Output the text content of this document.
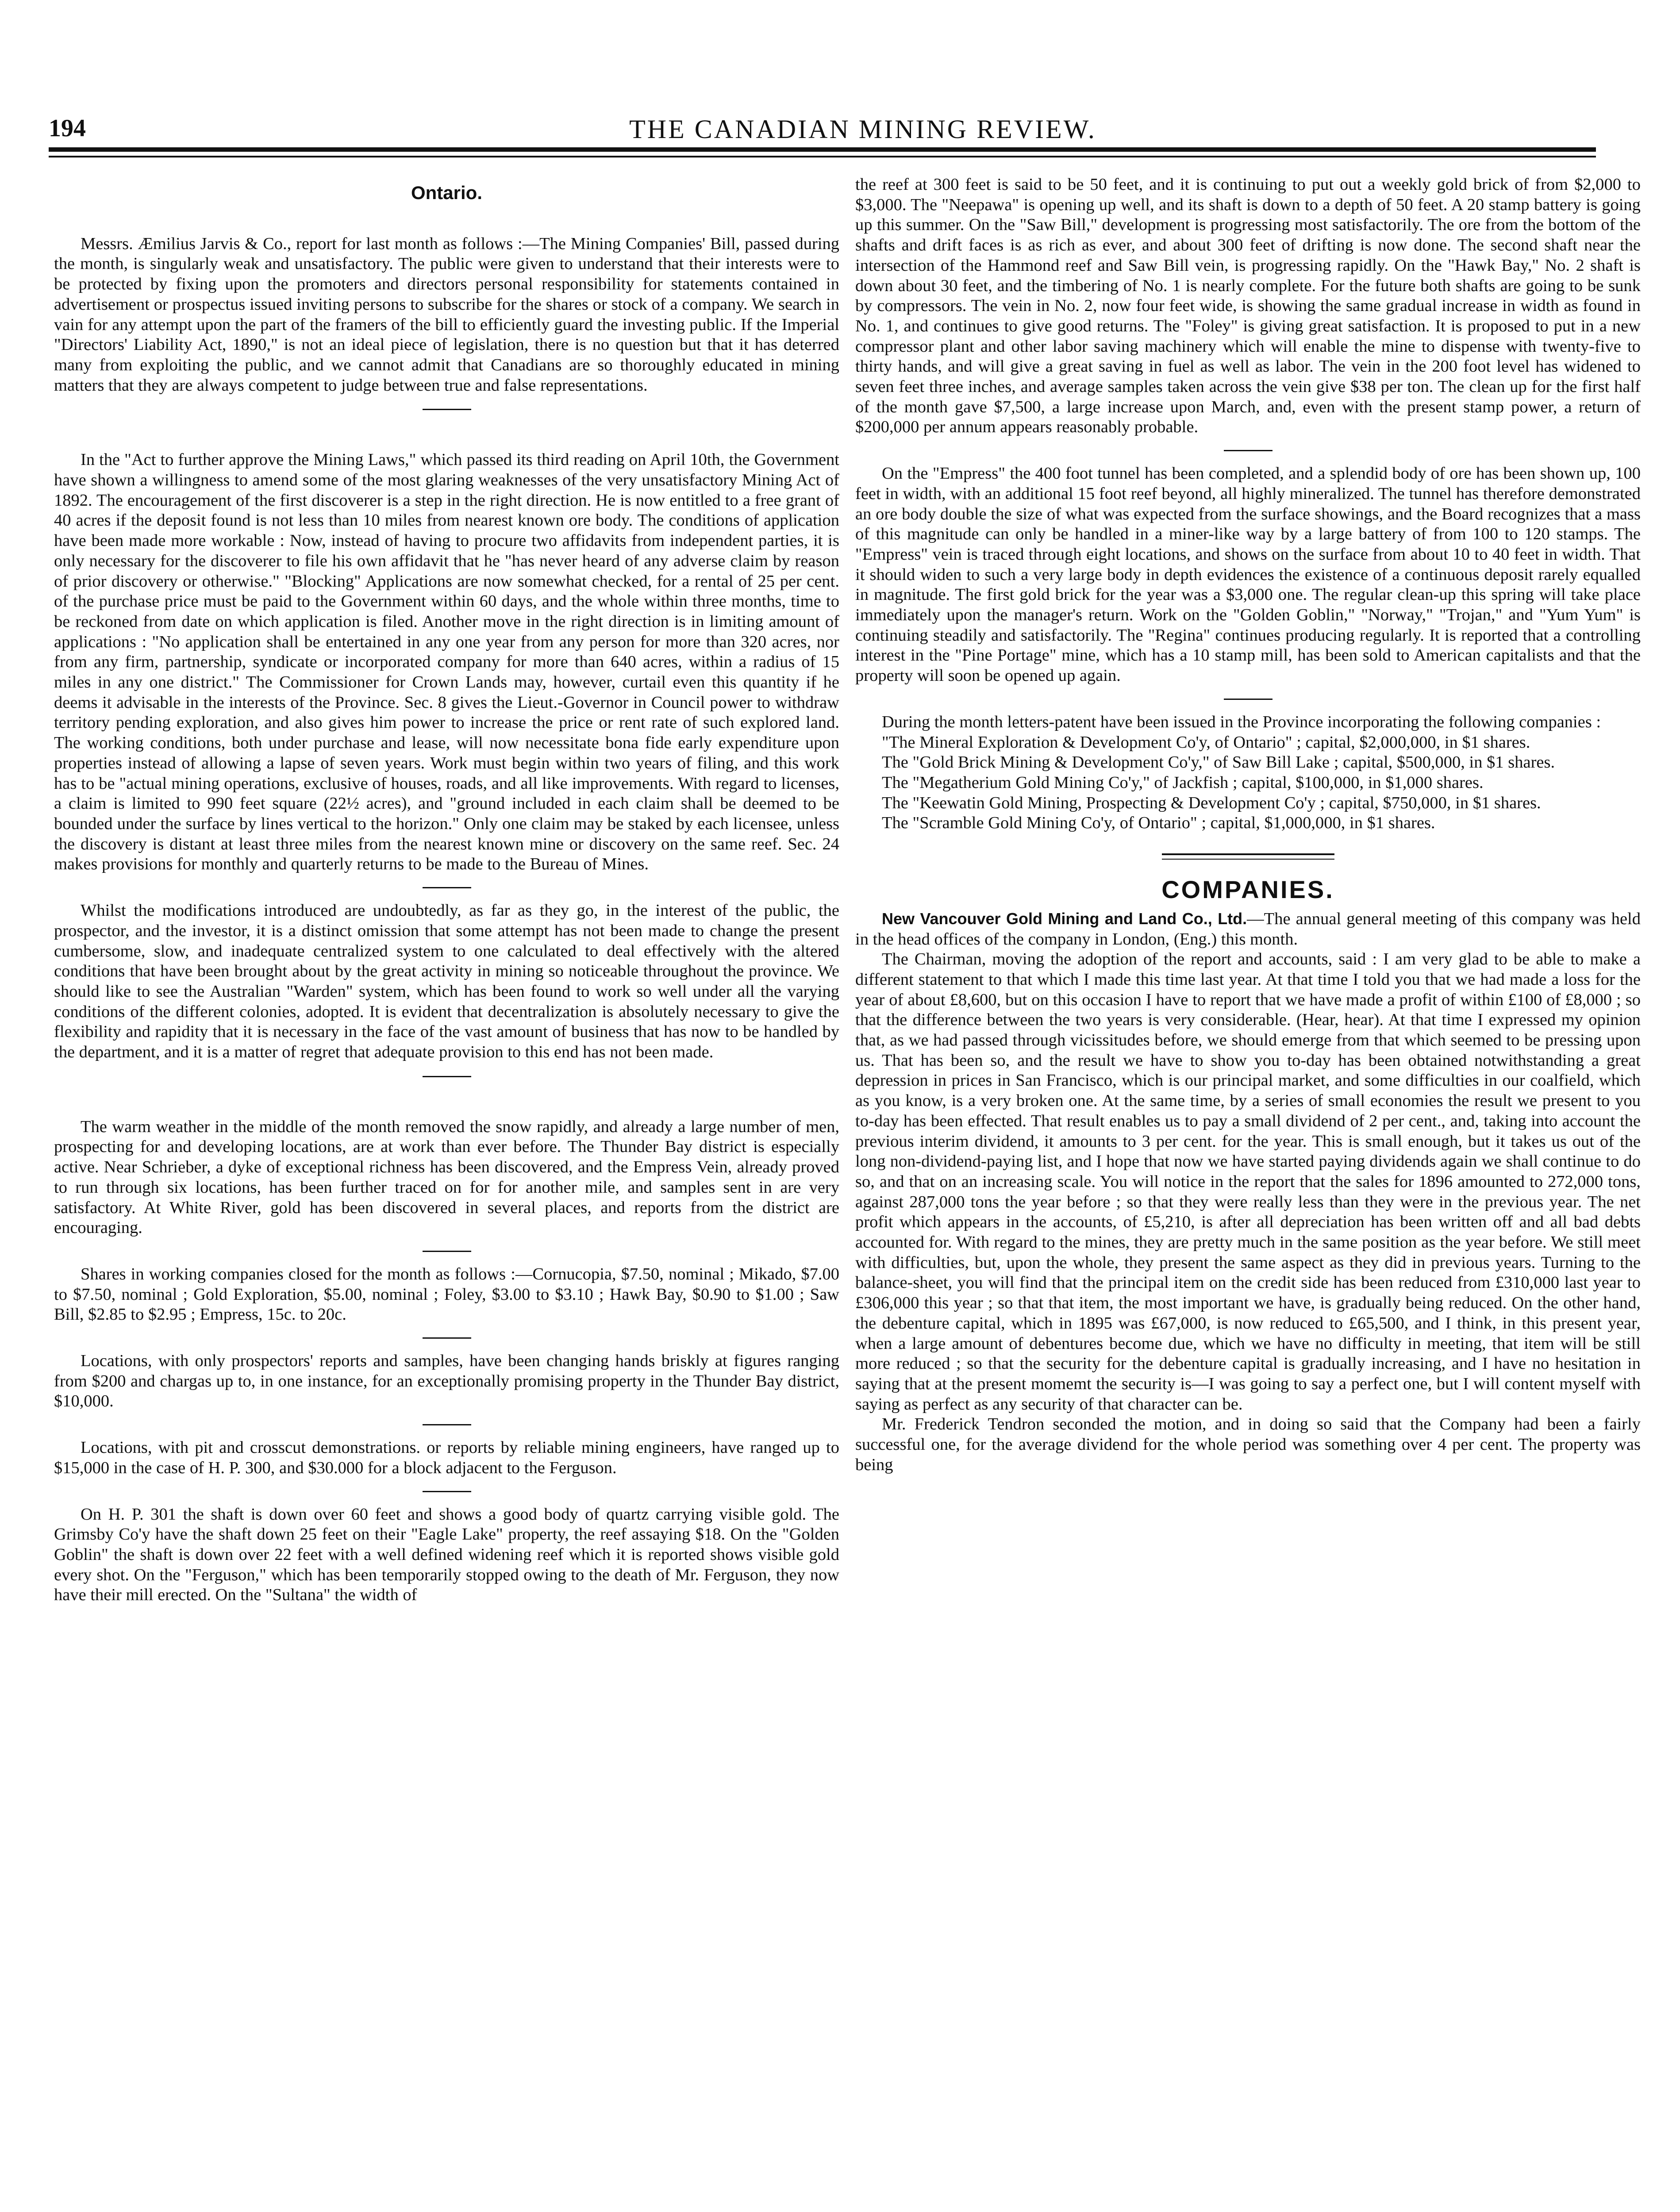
194	THE CANADIAN MINING REVIEW.
Ontario.

Messrs. Æmilius Jarvis & Co., report for last month as follows :—The Mining Companies' Bill, passed during the month, is singularly weak and unsatisfactory. The public were given to understand that their interests were to be protected by fixing upon the promoters and directors personal responsibility for statements contained in advertisement or prospectus issued inviting persons to subscribe for the shares or stock of a company. We search in vain for any attempt upon the part of the framers of the bill to efficiently guard the investing public. If the Imperial "Directors' Liability Act, 1890," is not an ideal piece of legislation, there is no question but that it has deterred many from exploiting the public, and we cannot admit that Canadians are so thoroughly educated in mining matters that they are always competent to judge between true and false representations.

In the "Act to further approve the Mining Laws," which passed its third reading on April 10th, the Government have shown a willingness to amend some of the most glaring weaknesses of the very unsatisfactory Mining Act of 1892. The encouragement of the first discoverer is a step in the right direction. He is now entitled to a free grant of 40 acres if the deposit found is not less than 10 miles from nearest known ore body. The conditions of application have been made more workable : Now, instead of having to procure two affidavits from independent parties, it is only necessary for the discoverer to file his own affidavit that he "has never heard of any adverse claim by reason of prior discovery or otherwise." "Blocking" Applications are now somewhat checked, for a rental of 25 per cent. of the purchase price must be paid to the Government within 60 days, and the whole within three months, time to be reckoned from date on which application is filed. Another move in the right direction is in limiting amount of applications : "No application shall be entertained in any one year from any person for more than 320 acres, nor from any firm, partnership, syndicate or incorporated company for more than 640 acres, within a radius of 15 miles in any one district." The Commissioner for Crown Lands may, however, curtail even this quantity if he deems it advisable in the interests of the Province. Sec. 8 gives the Lieut.-Governor in Council power to withdraw territory pending exploration, and also gives him power to increase the price or rent rate of such explored land. The working conditions, both under purchase and lease, will now necessitate bona fide early expenditure upon properties instead of allowing a lapse of seven years. Work must begin within two years of filing, and this work has to be "actual mining operations, exclusive of houses, roads, and all like improvements. With regard to licenses, a claim is limited to 990 feet square (22½ acres), and "ground included in each claim shall be deemed to be bounded under the surface by lines vertical to the horizon." Only one claim may be staked by each licensee, unless the discovery is distant at least three miles from the nearest known mine or discovery on the same reef. Sec. 24 makes provisions for monthly and quarterly returns to be made to the Bureau of Mines.

Whilst the modifications introduced are undoubtedly, as far as they go, in the interest of the public, the prospector, and the investor, it is a distinct omission that some attempt has not been made to change the present cumbersome, slow, and inadequate centralized system to one calculated to deal effectively with the altered conditions that have been brought about by the great activity in mining so noticeable throughout the province. We should like to see the Australian "Warden" system, which has been found to work so well under all the varying conditions of the different colonies, adopted. It is evident that decentralization is absolutely necessary to give the flexibility and rapidity that it is necessary in the face of the vast amount of business that has now to be handled by the department, and it is a matter of regret that adequate provision to this end has not been made.

The warm weather in the middle of the month removed the snow rapidly, and already a large number of men, prospecting for and developing locations, are at work than ever before. The Thunder Bay district is especially active. Near Schrieber, a dyke of exceptional richness has been discovered, and the Empress Vein, already proved to run through six locations, has been further traced on for for another mile, and samples sent in are very satisfactory. At White River, gold has been discovered in several places, and reports from the district are encouraging.

Shares in working companies closed for the month as follows :—Cornucopia, $7.50, nominal ; Mikado, $7.00 to $7.50, nominal ; Gold Exploration, $5.00, nominal ; Foley, $3.00 to $3.10 ; Hawk Bay, $0.90 to $1.00 ; Saw Bill, $2.85 to $2.95 ; Empress, 15c. to 20c.

Locations, with only prospectors' reports and samples, have been changing hands briskly at figures ranging from $200 and chargas up to, in one instance, for an exceptionally promising property in the Thunder Bay district, $10,000.

Locations, with pit and crosscut demonstrations. or reports by reliable mining engineers, have ranged up to $15,000 in the case of H. P. 300, and $30.000 for a block adjacent to the Ferguson.

On H. P. 301 the shaft is down over 60 feet and shows a good body of quartz carrying visible gold. The Grimsby Co'y have the shaft down 25 feet on their "Eagle Lake" property, the reef assaying $18. On the "Golden Goblin" the shaft is down over 22 feet with a well defined widening reef which it is reported shows visible gold every shot. On the "Ferguson," which has been temporarily stopped owing to the death of Mr. Ferguson, they now have their mill erected. On the "Sultana" the width of

the reef at 300 feet is said to be 50 feet, and it is continuing to put out a weekly gold brick of from $2,000 to $3,000. The "Neepawa" is opening up well, and its shaft is down to a depth of 50 feet. A 20 stamp battery is going up this summer. On the "Saw Bill," development is progressing most satisfactorily. The ore from the bottom of the shafts and drift faces is as rich as ever, and about 300 feet of drifting is now done. The second shaft near the intersection of the Hammond reef and Saw Bill vein, is progressing rapidly. On the "Hawk Bay," No. 2 shaft is down about 30 feet, and the timbering of No. 1 is nearly complete. For the future both shafts are going to be sunk by compressors. The vein in No. 2, now four feet wide, is showing the same gradual increase in width as found in No. 1, and continues to give good returns. The "Foley" is giving great satisfaction. It is proposed to put in a new compressor plant and other labor saving machinery which will enable the mine to dispense with twenty-five to thirty hands, and will give a great saving in fuel as well as labor. The vein in the 200 foot level has widened to seven feet three inches, and average samples taken across the vein give $38 per ton. The clean up for the first half of the month gave $7,500, a large increase upon March, and, even with the present stamp power, a return of $200,000 per annum appears reasonably probable.

On the "Empress" the 400 foot tunnel has been completed, and a splendid body of ore has been shown up, 100 feet in width, with an additional 15 foot reef beyond, all highly mineralized. The tunnel has therefore demonstrated an ore body double the size of what was expected from the surface showings, and the Board recognizes that a mass of this magnitude can only be handled in a miner-like way by a large battery of from 100 to 120 stamps. The "Empress" vein is traced through eight locations, and shows on the surface from about 10 to 40 feet in width. That it should widen to such a very large body in depth evidences the existence of a continuous deposit rarely equalled in magnitude. The first gold brick for the year was a $3,000 one. The regular clean-up this spring will take place immediately upon the manager's return. Work on the "Golden Goblin," "Norway," "Trojan," and "Yum Yum" is continuing steadily and satisfactorily. The "Regina" continues producing regularly. It is reported that a controlling interest in the "Pine Portage" mine, which has a 10 stamp mill, has been sold to American capitalists and that the property will soon be opened up again.

During the month letters-patent have been issued in the Province incorporating the following companies :

"The Mineral Exploration & Development Co'y, of Ontario" ; capital, $2,000,000, in $1 shares.

The "Gold Brick Mining & Development Co'y," of Saw Bill Lake ; capital, $500,000, in $1 shares.

The "Megatherium Gold Mining Co'y," of Jackfish ; capital, $100,000, in $1,000 shares.

The "Keewatin Gold Mining, Prospecting & Development Co'y ; capital, $750,000, in $1 shares.

The "Scramble Gold Mining Co'y, of Ontario" ; capital, $1,000,000, in $1 shares.

COMPANIES.

New Vancouver Gold Mining and Land Co., Ltd.—The annual general meeting of this company was held in the head offices of the company in London, (Eng.) this month.

The Chairman, moving the adoption of the report and accounts, said : I am very glad to be able to make a different statement to that which I made this time last year. At that time I told you that we had made a loss for the year of about £8,600, but on this occasion I have to report that we have made a profit of within £100 of £8,000 ; so that the difference between the two years is very considerable. (Hear, hear). At that time I expressed my opinion that, as we had passed through vicissitudes before, we should emerge from that which seemed to be pressing upon us. That has been so, and the result we have to show you to-day has been obtained notwithstanding a great depression in prices in San Francisco, which is our principal market, and some difficulties in our coalfield, which as you know, is a very broken one. At the same time, by a series of small economies the result we present to you to-day has been effected. That result enables us to pay a small dividend of 2 per cent., and, taking into account the previous interim dividend, it amounts to 3 per cent. for the year. This is small enough, but it takes us out of the long non-dividend-paying list, and I hope that now we have started paying dividends again we shall continue to do so, and that on an increasing scale. You will notice in the report that the sales for 1896 amounted to 272,000 tons, against 287,000 tons the year before ; so that they were really less than they were in the previous year. The net profit which appears in the accounts, of £5,210, is after all depreciation has been written off and all bad debts accounted for. With regard to the mines, they are pretty much in the same position as the year before. We still meet with difficulties, but, upon the whole, they present the same aspect as they did in previous years. Turning to the balance-sheet, you will find that the principal item on the credit side has been reduced from £310,000 last year to £306,000 this year ; so that that item, the most important we have, is gradually being reduced. On the other hand, the debenture capital, which in 1895 was £67,000, is now reduced to £65,500, and I think, in this present year, when a large amount of debentures become due, which we have no difficulty in meeting, that item will be still more reduced ; so that the security for the debenture capital is gradually increasing, and I have no hesitation in saying that at the present momemt the security is—I was going to say a perfect one, but I will content myself with saying as perfect as any security of that character can be.

Mr. Frederick Tendron seconded the motion, and in doing so said that the Company had been a fairly successful one, for the average dividend for the whole period was something over 4 per cent. The property was being
